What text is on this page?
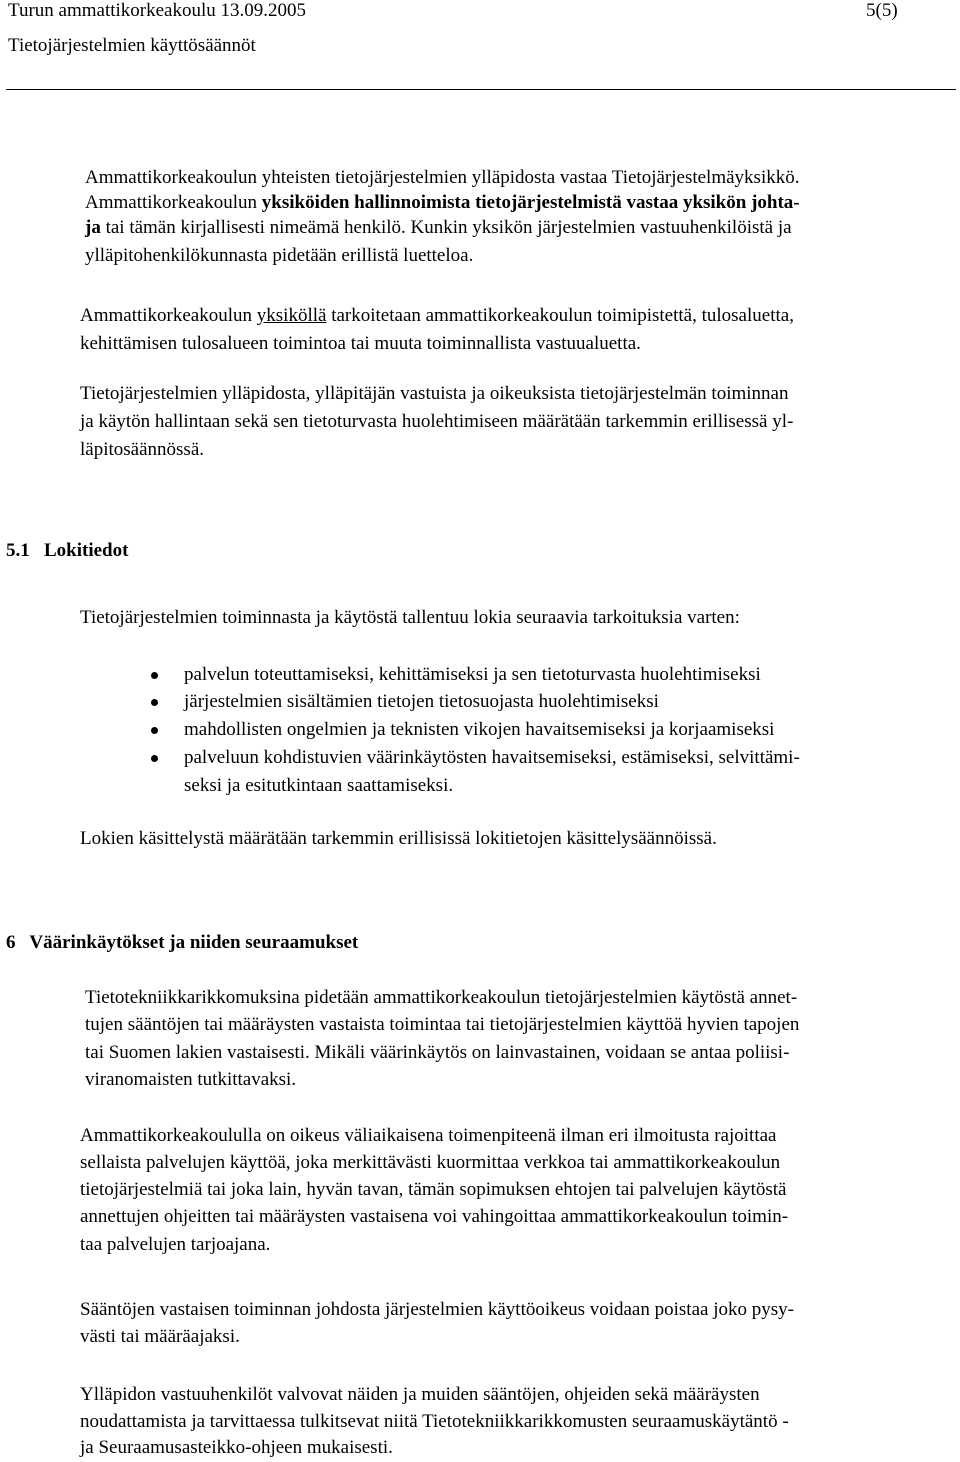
Turun ammattikorkeakoulu 13.09.2005	5(5)
Tietojärjestelmien käyttösäännöt
Ammattikorkeakoulun yhteisten tietojärjestelmien ylläpidosta vastaa Tietojärjestelmäyksikkö.
Ammattikorkeakoulun yksiköiden hallinnoimista tietojärjestelmistä vastaa yksikön johta-
ja tai tämän kirjallisesti nimeämä henkilö. Kunkin yksikön järjestelmien vastuuhenkilöistä ja
ylläpitohenkilökunnasta pidetään erillistä luetteloa.
Ammattikorkeakoulun yksiköllä tarkoitetaan ammattikorkeakoulun toimipistettä, tulosaluetta,
kehittämisen tulosalueen toimintoa tai muuta toiminnallista vastuualuetta.
Tietojärjestelmien ylläpidosta, ylläpitäjän vastuista ja oikeuksista tietojärjestelmän toiminnan
ja käytön hallintaan sekä sen tietoturvasta huolehtimiseen määrätään tarkemmin erillisessä yl-
läpitosäännössä.
5.1   Lokitiedot
Tietojärjestelmien toiminnasta ja käytöstä tallentuu lokia seuraavia tarkoituksia varten:
palvelun toteuttamiseksi, kehittämiseksi ja sen tietoturvasta huolehtimiseksi
järjestelmien sisältämien tietojen tietosuojasta huolehtimiseksi
mahdollisten ongelmien ja teknisten vikojen havaitsemiseksi ja korjaamiseksi
palveluun kohdistuvien väärinkäytösten havaitsemiseksi, estämiseksi, selvittämi-
seksi ja esitutkintaan saattamiseksi.
Lokien käsittelystä määrätään tarkemmin erillisissä lokitietojen käsittelysäännöissä.
6   Väärinkäytökset ja niiden seuraamukset
Tietotekniikkarikkomuksina pidetään ammattikorkeakoulun tietojärjestelmien käytöstä annet-
tujen sääntöjen tai määräysten vastaista toimintaa tai tietojärjestelmien käyttöä hyvien tapojen
tai Suomen lakien vastaisesti. Mikäli väärinkäytös on lainvastainen, voidaan se antaa poliisi-
viranomaisten tutkittavaksi.
Ammattikorkeakoululla on oikeus väliaikaisena toimenpiteenä ilman eri ilmoitusta rajoittaa
sellaista palvelujen käyttöä, joka merkittävästi kuormittaa verkkoa tai ammattikorkeakoulun
tietojärjestelmiä tai joka lain, hyvän tavan, tämän sopimuksen ehtojen tai palvelujen käytöstä
annettujen ohjeitten tai määräysten vastaisena voi vahingoittaa ammattikorkeakoulun toimin-
taa palvelujen tarjoajana.
Sääntöjen vastaisen toiminnan johdosta järjestelmien käyttöoikeus voidaan poistaa joko pysy-
västi tai määräajaksi.
Ylläpidon vastuuhenkilöt valvovat näiden ja muiden sääntöjen, ohjeiden sekä määräysten
noudattamista ja tarvittaessa tulkitsevat niitä Tietotekniikkarikkomusten seuraamuskäytäntö -
ja Seuraamusasteikko-ohjeen mukaisesti.
